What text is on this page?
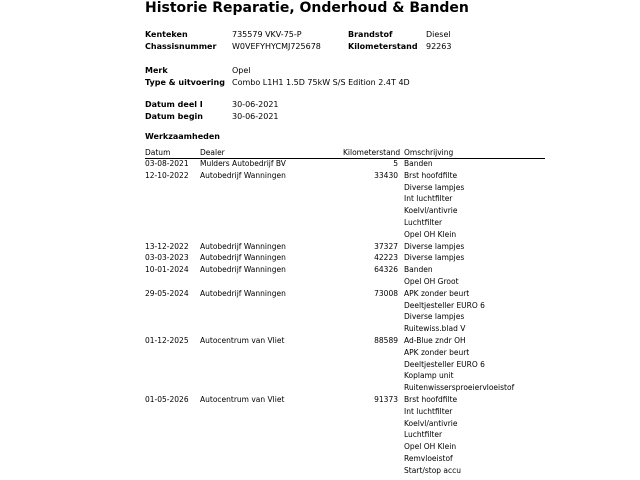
Historie Reparatie, Onderhoud & Banden
Kenteken	735579 VKV-75-P	Brandstof	Diesel
Chassisnummer W0VEFYHYCMJ725678	Kilometerstand 92263
Merk	Opel
Type & uitvoering Combo L1H1 1.5D 75kW S/S Edition 2.4T 4D
Datum deel I	30-06-2021
Datum begin	30-06-2021
Werkzaamheden
Datum	Dealer	Kilometerstand Omschrijving
03-08-2021 Mulders Autobedrijf BV	5 Banden
12-10-2022 Autobedrijf Wanningen	33430 Brst hoofdfilte
Diverse lampjes
Int luchtfilter
Koelvl/antivrie
Luchtfilter
Opel OH Klein
13-12-2022 Autobedrijf Wanningen	37327 Diverse lampjes
03-03-2023 Autobedrijf Wanningen	42223 Diverse lampjes
10-01-2024 Autobedrijf Wanningen	64326 Banden
Opel OH Groot
29-05-2024 Autobedrijf Wanningen	73008 APK zonder beurt
Deeltjesteller EURO 6
Diverse lampjes
Ruitewiss.blad V
01-12-2025 Autocentrum van Vliet	88589 Ad-Blue zndr OH
APK zonder beurt
Deeltjesteller EURO 6
Koplamp unit
Ruitenwissersproeiervloeistof
01-05-2026 Autocentrum van Vliet	91373 Brst hoofdfilte
Int luchtfilter
Koelvl/antivrie
Luchtfilter
Opel OH Klein
Remvloeistof
Start/stop accu
